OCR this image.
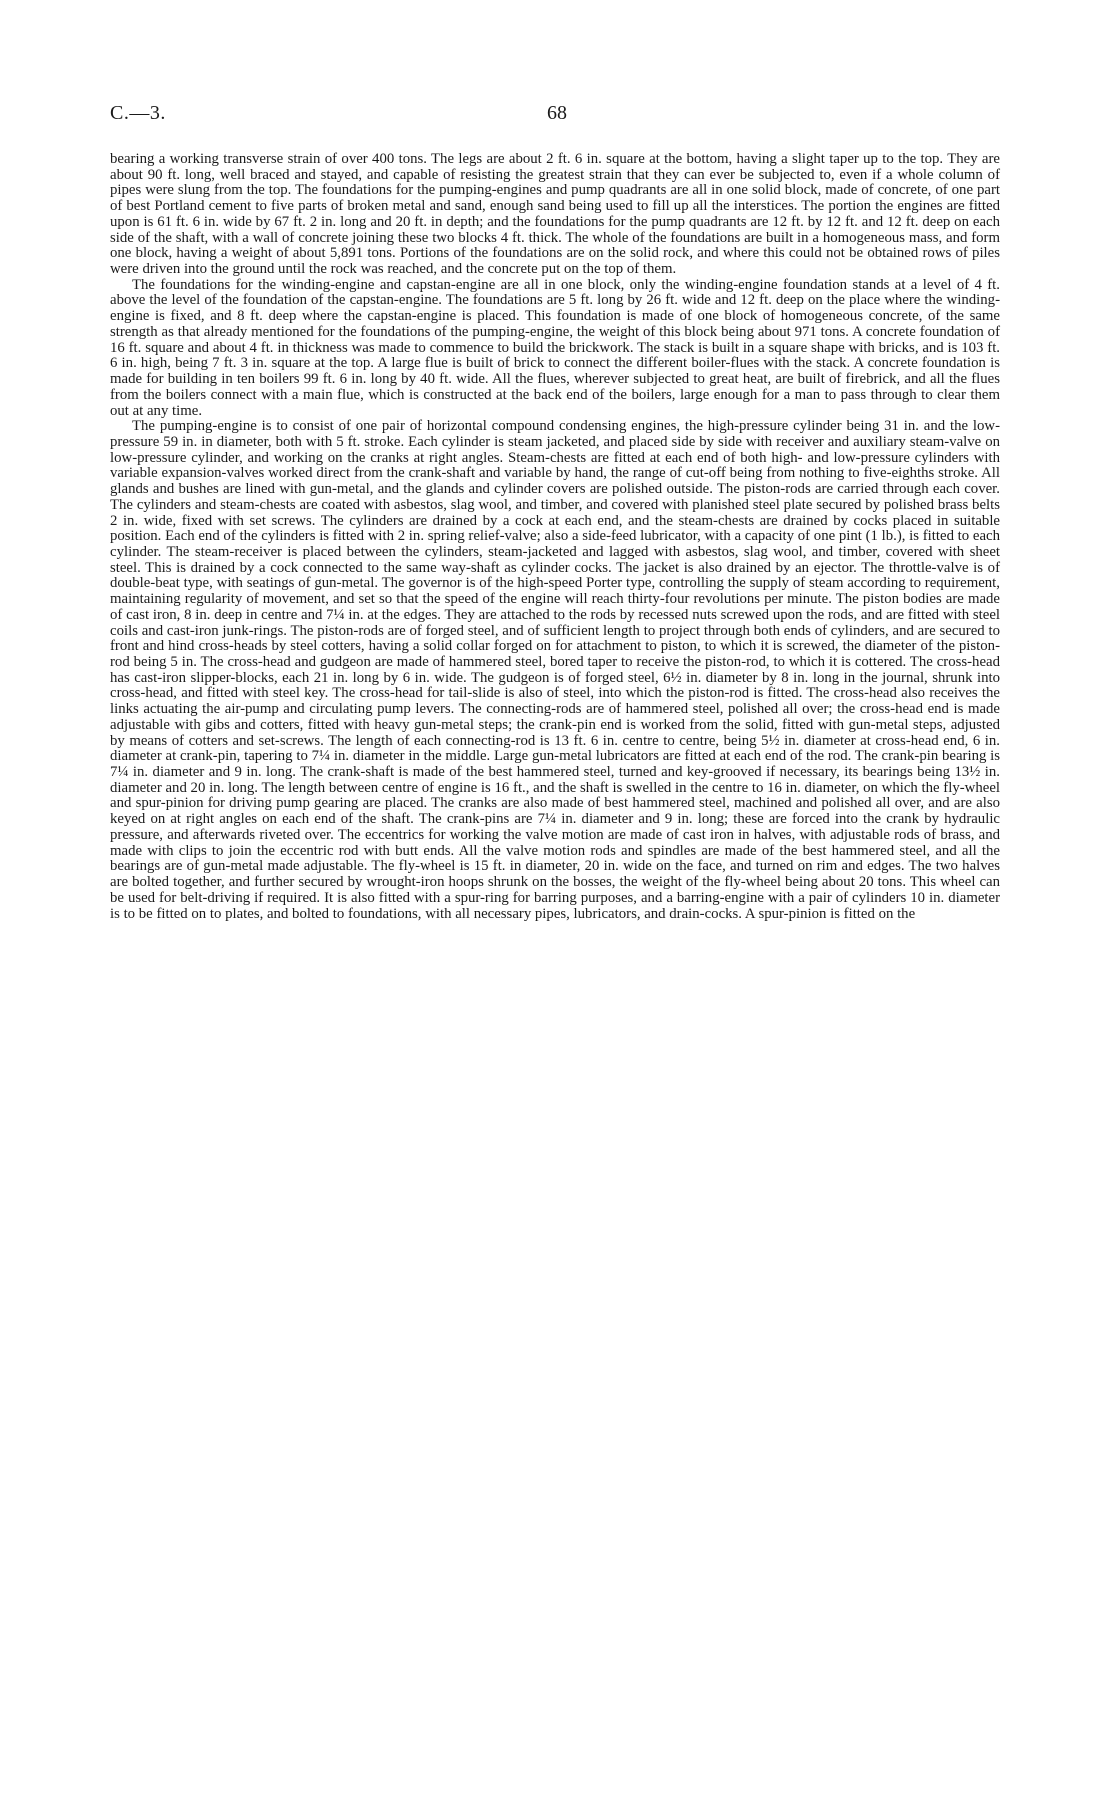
C.—3.	68

bearing a working transverse strain of over 400 tons. The legs are about 2 ft. 6 in. square at the bottom, having a slight taper up to the top. They are about 90 ft. long, well braced and stayed, and capable of resisting the greatest strain that they can ever be subjected to, even if a whole column of pipes were slung from the top. The foundations for the pumping-engines and pump quadrants are all in one solid block, made of concrete, of one part of best Portland cement to five parts of broken metal and sand, enough sand being used to fill up all the interstices. The portion the engines are fitted upon is 61 ft. 6 in. wide by 67 ft. 2 in. long and 20 ft. in depth; and the foundations for the pump quadrants are 12 ft. by 12 ft. and 12 ft. deep on each side of the shaft, with a wall of concrete joining these two blocks 4 ft. thick. The whole of the foundations are built in a homogeneous mass, and form one block, having a weight of about 5,891 tons. Portions of the foundations are on the solid rock, and where this could not be obtained rows of piles were driven into the ground until the rock was reached, and the concrete put on the top of them.

The foundations for the winding-engine and capstan-engine are all in one block, only the winding-engine foundation stands at a level of 4 ft. above the level of the foundation of the capstan-engine. The foundations are 5 ft. long by 26 ft. wide and 12 ft. deep on the place where the winding-engine is fixed, and 8 ft. deep where the capstan-engine is placed. This foundation is made of one block of homogeneous concrete, of the same strength as that already mentioned for the foundations of the pumping-engine, the weight of this block being about 971 tons. A concrete foundation of 16 ft. square and about 4 ft. in thickness was made to commence to build the brickwork. The stack is built in a square shape with bricks, and is 103 ft. 6 in. high, being 7 ft. 3 in. square at the top. A large flue is built of brick to connect the different boiler-flues with the stack. A concrete foundation is made for building in ten boilers 99 ft. 6 in. long by 40 ft. wide. All the flues, wherever subjected to great heat, are built of firebrick, and all the flues from the boilers connect with a main flue, which is constructed at the back end of the boilers, large enough for a man to pass through to clear them out at any time.

The pumping-engine is to consist of one pair of horizontal compound condensing engines, the high-pressure cylinder being 31 in. and the low-pressure 59 in. in diameter, both with 5 ft. stroke. Each cylinder is steam jacketed, and placed side by side with receiver and auxiliary steam-valve on low-pressure cylinder, and working on the cranks at right angles. Steam-chests are fitted at each end of both high- and low-pressure cylinders with variable expansion-valves worked direct from the crank-shaft and variable by hand, the range of cut-off being from nothing to five-eighths stroke. All glands and bushes are lined with gun-metal, and the glands and cylinder covers are polished outside. The piston-rods are carried through each cover. The cylinders and steam-chests are coated with asbestos, slag wool, and timber, and covered with planished steel plate secured by polished brass belts 2 in. wide, fixed with set screws. The cylinders are drained by a cock at each end, and the steam-chests are drained by cocks placed in suitable position. Each end of the cylinders is fitted with 2 in. spring relief-valve; also a side-feed lubricator, with a capacity of one pint (1 lb.), is fitted to each cylinder. The steam-receiver is placed between the cylinders, steam-jacketed and lagged with asbestos, slag wool, and timber, covered with sheet steel. This is drained by a cock connected to the same way-shaft as cylinder cocks. The jacket is also drained by an ejector. The throttle-valve is of double-beat type, with seatings of gun-metal. The governor is of the high-speed Porter type, controlling the supply of steam according to requirement, maintaining regularity of movement, and set so that the speed of the engine will reach thirty-four revolutions per minute. The piston bodies are made of cast iron, 8 in. deep in centre and 7¼ in. at the edges. They are attached to the rods by recessed nuts screwed upon the rods, and are fitted with steel coils and cast-iron junk-rings. The piston-rods are of forged steel, and of sufficient length to project through both ends of cylinders, and are secured to front and hind cross-heads by steel cotters, having a solid collar forged on for attachment to piston, to which it is screwed, the diameter of the piston-rod being 5 in. The cross-head and gudgeon are made of hammered steel, bored taper to receive the piston-rod, to which it is cottered. The cross-head has cast-iron slipper-blocks, each 21 in. long by 6 in. wide. The gudgeon is of forged steel, 6½ in. diameter by 8 in. long in the journal, shrunk into cross-head, and fitted with steel key. The cross-head for tail-slide is also of steel, into which the piston-rod is fitted. The cross-head also receives the links actuating the air-pump and circulating pump levers. The connecting-rods are of hammered steel, polished all over; the cross-head end is made adjustable with gibs and cotters, fitted with heavy gun-metal steps; the crank-pin end is worked from the solid, fitted with gun-metal steps, adjusted by means of cotters and set-screws. The length of each connecting-rod is 13 ft. 6 in. centre to centre, being 5½ in. diameter at cross-head end, 6 in. diameter at crank-pin, tapering to 7¼ in. diameter in the middle. Large gun-metal lubricators are fitted at each end of the rod. The crank-pin bearing is 7¼ in. diameter and 9 in. long. The crank-shaft is made of the best hammered steel, turned and key-grooved if necessary, its bearings being 13½ in. diameter and 20 in. long. The length between centre of engine is 16 ft., and the shaft is swelled in the centre to 16 in. diameter, on which the fly-wheel and spur-pinion for driving pump gearing are placed. The cranks are also made of best hammered steel, machined and polished all over, and are also keyed on at right angles on each end of the shaft. The crank-pins are 7¼ in. diameter and 9 in. long; these are forced into the crank by hydraulic pressure, and afterwards riveted over. The eccentrics for working the valve motion are made of cast iron in halves, with adjustable rods of brass, and made with clips to join the eccentric rod with butt ends. All the valve motion rods and spindles are made of the best hammered steel, and all the bearings are of gun-metal made adjustable. The fly-wheel is 15 ft. in diameter, 20 in. wide on the face, and turned on rim and edges. The two halves are bolted together, and further secured by wrought-iron hoops shrunk on the bosses, the weight of the fly-wheel being about 20 tons. This wheel can be used for belt-driving if required. It is also fitted with a spur-ring for barring purposes, and a barring-engine with a pair of cylinders 10 in. diameter is to be fitted on to plates, and bolted to foundations, with all necessary pipes, lubricators, and drain-cocks. A spur-pinion is fitted on the
